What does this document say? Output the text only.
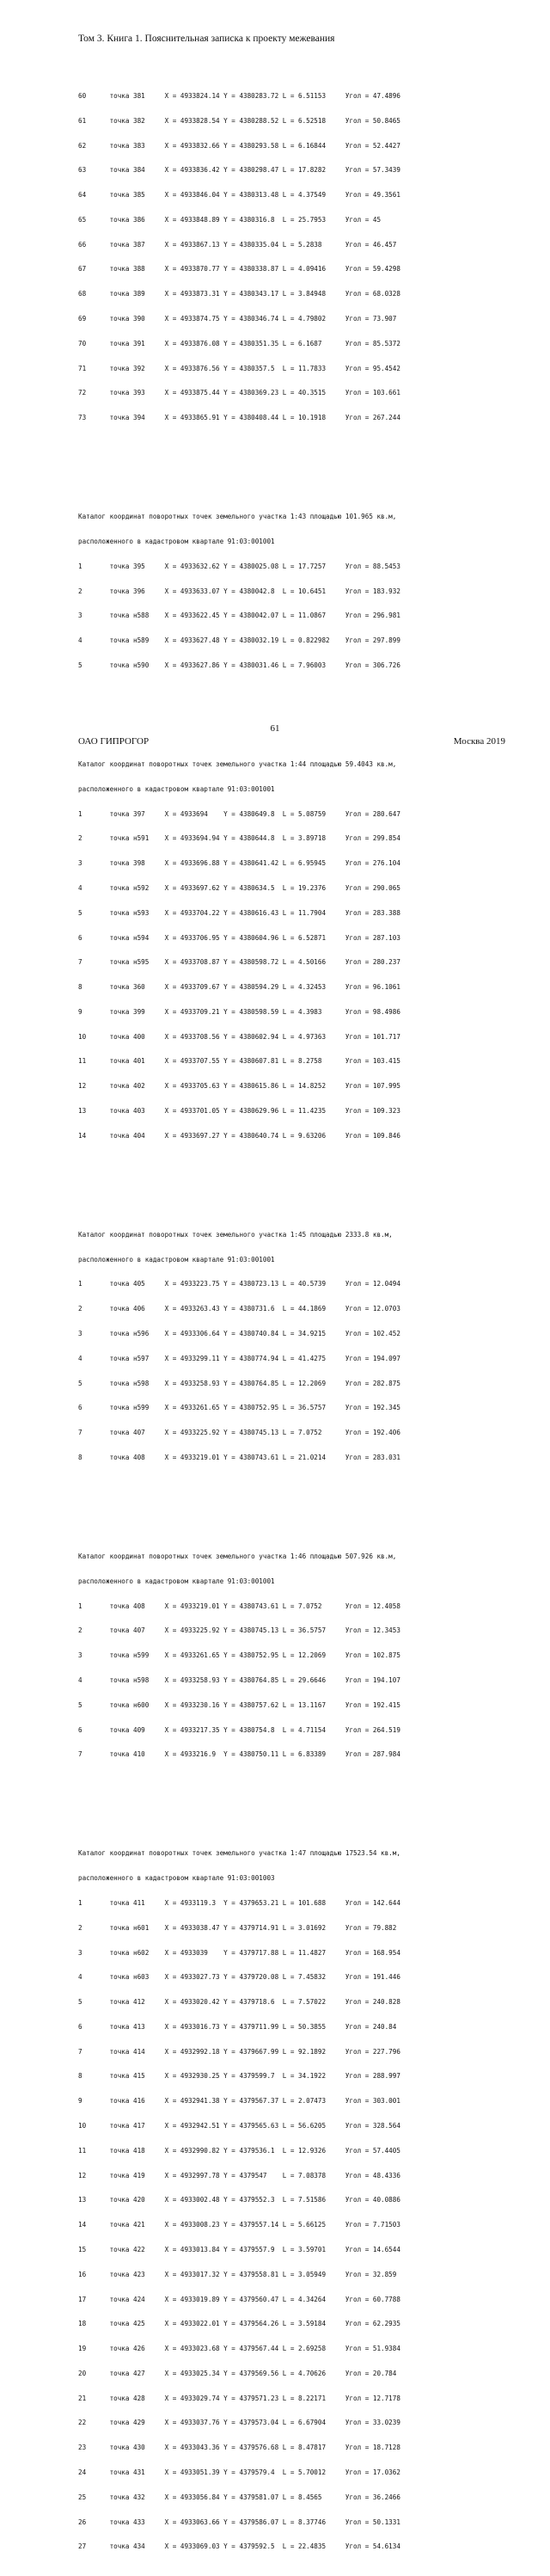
Том 3. Книга 1. Пояснительная записка к проекту межевания

60      точка 381     X = 4933824.14 Y = 4380283.72 L = 6.51153     Угол = 47.4896

61      точка 382     X = 4933828.54 Y = 4380288.52 L = 6.52518     Угол = 50.8465

62      точка 383     X = 4933832.66 Y = 4380293.58 L = 6.16844     Угол = 52.4427

63      точка 384     X = 4933836.42 Y = 4380298.47 L = 17.8282     Угол = 57.3439

64      точка 385     X = 4933846.04 Y = 4380313.48 L = 4.37549     Угол = 49.3561

65      точка 386     X = 4933848.89 Y = 4380316.8  L = 25.7953     Угол = 45

66      точка 387     X = 4933867.13 Y = 4380335.04 L = 5.2838      Угол = 46.457

67      точка 388     X = 4933870.77 Y = 4380338.87 L = 4.09416     Угол = 59.4298

68      точка 389     X = 4933873.31 Y = 4380343.17 L = 3.84948     Угол = 68.0328

69      точка 390     X = 4933874.75 Y = 4380346.74 L = 4.79802     Угол = 73.907

70      точка 391     X = 4933876.08 Y = 4380351.35 L = 6.1687      Угол = 85.5372

71      точка 392     X = 4933876.56 Y = 4380357.5  L = 11.7833     Угол = 95.4542

72      точка 393     X = 4933875.44 Y = 4380369.23 L = 40.3515     Угол = 103.661

73      точка 394     X = 4933865.91 Y = 4380408.44 L = 10.1918     Угол = 267.244

Каталог координат поворотных точек земельного участка 1:43 площадью 101.965 кв.м,

расположенного в кадастровом квартале 91:03:001001

1       точка 395     X = 4933632.62 Y = 4380025.08 L = 17.7257     Угол = 88.5453

2       точка 396     X = 4933633.07 Y = 4380042.8  L = 10.6451     Угол = 183.932

3       точка н588    X = 4933622.45 Y = 4380042.07 L = 11.0867     Угол = 296.981

4       точка н589    X = 4933627.48 Y = 4380032.19 L = 0.822982    Угол = 297.899

5       точка н590    X = 4933627.86 Y = 4380031.46 L = 7.96003     Угол = 306.726

Каталог координат поворотных точек земельного участка 1:44 площадью 59.4043 кв.м,

расположенного в кадастровом квартале 91:03:001001

1       точка 397     X = 4933694    Y = 4380649.8  L = 5.08759     Угол = 280.647

2       точка н591    X = 4933694.94 Y = 4380644.8  L = 3.89718     Угол = 299.854

3       точка 398     X = 4933696.88 Y = 4380641.42 L = 6.95945     Угол = 276.104

4       точка н592    X = 4933697.62 Y = 4380634.5  L = 19.2376     Угол = 290.065

5       точка н593    X = 4933704.22 Y = 4380616.43 L = 11.7904     Угол = 283.388

6       точка н594    X = 4933706.95 Y = 4380604.96 L = 6.52871     Угол = 287.103

7       точка н595    X = 4933708.87 Y = 4380598.72 L = 4.50166     Угол = 280.237

8       точка 360     X = 4933709.67 Y = 4380594.29 L = 4.32453     Угол = 96.1061

9       точка 399     X = 4933709.21 Y = 4380598.59 L = 4.3983      Угол = 98.4986

10      точка 400     X = 4933708.56 Y = 4380602.94 L = 4.97363     Угол = 101.717

11      точка 401     X = 4933707.55 Y = 4380607.81 L = 8.2758      Угол = 103.415

12      точка 402     X = 4933705.63 Y = 4380615.86 L = 14.8252     Угол = 107.995

13      точка 403     X = 4933701.05 Y = 4380629.96 L = 11.4235     Угол = 109.323

14      точка 404     X = 4933697.27 Y = 4380640.74 L = 9.63206     Угол = 109.846

Каталог координат поворотных точек земельного участка 1:45 площадью 2333.8 кв.м,

расположенного в кадастровом квартале 91:03:001001

1       точка 405     X = 4933223.75 Y = 4380723.13 L = 40.5739     Угол = 12.0494

2       точка 406     X = 4933263.43 Y = 4380731.6  L = 44.1869     Угол = 12.0703

3       точка н596    X = 4933306.64 Y = 4380740.84 L = 34.9215     Угол = 102.452

4       точка н597    X = 4933299.11 Y = 4380774.94 L = 41.4275     Угол = 194.097

5       точка н598    X = 4933258.93 Y = 4380764.85 L = 12.2069     Угол = 282.875

6       точка н599    X = 4933261.65 Y = 4380752.95 L = 36.5757     Угол = 192.345

7       точка 407     X = 4933225.92 Y = 4380745.13 L = 7.0752      Угол = 192.406

8       точка 408     X = 4933219.01 Y = 4380743.61 L = 21.0214     Угол = 283.031

Каталог координат поворотных точек земельного участка 1:46 площадью 507.926 кв.м,

расположенного в кадастровом квартале 91:03:001001

1       точка 408     X = 4933219.01 Y = 4380743.61 L = 7.0752      Угол = 12.4058

2       точка 407     X = 4933225.92 Y = 4380745.13 L = 36.5757     Угол = 12.3453

3       точка н599    X = 4933261.65 Y = 4380752.95 L = 12.2069     Угол = 102.875

4       точка н598    X = 4933258.93 Y = 4380764.85 L = 29.6646     Угол = 194.107

5       точка н600    X = 4933230.16 Y = 4380757.62 L = 13.1167     Угол = 192.415

6       точка 409     X = 4933217.35 Y = 4380754.8  L = 4.71154     Угол = 264.519

7       точка 410     X = 4933216.9  Y = 4380750.11 L = 6.83389     Угол = 287.984

Каталог координат поворотных точек земельного участка 1:47 площадью 17523.54 кв.м,

расположенного в кадастровом квартале 91:03:001003

1       точка 411     X = 4933119.3  Y = 4379653.21 L = 101.688     Угол = 142.644

2       точка н601    X = 4933038.47 Y = 4379714.91 L = 3.01692     Угол = 79.882

3       точка н602    X = 4933039    Y = 4379717.88 L = 11.4827     Угол = 168.954

4       точка н603    X = 4933027.73 Y = 4379720.08 L = 7.45832     Угол = 191.446

5       точка 412     X = 4933020.42 Y = 4379718.6  L = 7.57022     Угол = 240.828

6       точка 413     X = 4933016.73 Y = 4379711.99 L = 50.3855     Угол = 240.84

7       точка 414     X = 4932992.18 Y = 4379667.99 L = 92.1892     Угол = 227.796

8       точка 415     X = 4932930.25 Y = 4379599.7  L = 34.1922     Угол = 288.997

9       точка 416     X = 4932941.38 Y = 4379567.37 L = 2.07473     Угол = 303.001

10      точка 417     X = 4932942.51 Y = 4379565.63 L = 56.6205     Угол = 328.564

11      точка 418     X = 4932990.82 Y = 4379536.1  L = 12.9326     Угол = 57.4405

12      точка 419     X = 4932997.78 Y = 4379547    L = 7.08378     Угол = 48.4336

13      точка 420     X = 4933002.48 Y = 4379552.3  L = 7.51586     Угол = 40.0886

14      точка 421     X = 4933008.23 Y = 4379557.14 L = 5.66125     Угол = 7.71503

15      точка 422     X = 4933013.84 Y = 4379557.9  L = 3.59701     Угол = 14.6544

16      точка 423     X = 4933017.32 Y = 4379558.81 L = 3.05949     Угол = 32.859

17      точка 424     X = 4933019.89 Y = 4379560.47 L = 4.34264     Угол = 60.7788

18      точка 425     X = 4933022.01 Y = 4379564.26 L = 3.59184     Угол = 62.2935

19      точка 426     X = 4933023.68 Y = 4379567.44 L = 2.69258     Угол = 51.9384

20      точка 427     X = 4933025.34 Y = 4379569.56 L = 4.70626     Угол = 20.784

21      точка 428     X = 4933029.74 Y = 4379571.23 L = 8.22171     Угол = 12.7178

22      точка 429     X = 4933037.76 Y = 4379573.04 L = 6.67904     Угол = 33.0239

23      точка 430     X = 4933043.36 Y = 4379576.68 L = 8.47817     Угол = 18.7128

24      точка 431     X = 4933051.39 Y = 4379579.4  L = 5.70012     Угол = 17.0362

25      точка 432     X = 4933056.84 Y = 4379581.07 L = 8.4565      Угол = 36.2466

26      точка 433     X = 4933063.66 Y = 4379586.07 L = 8.37746     Угол = 50.1331

27      точка 434     X = 4933069.03 Y = 4379592.5  L = 22.4835     Угол = 54.6134

61
ОАО ГИПРОГОР	Москва 2019
